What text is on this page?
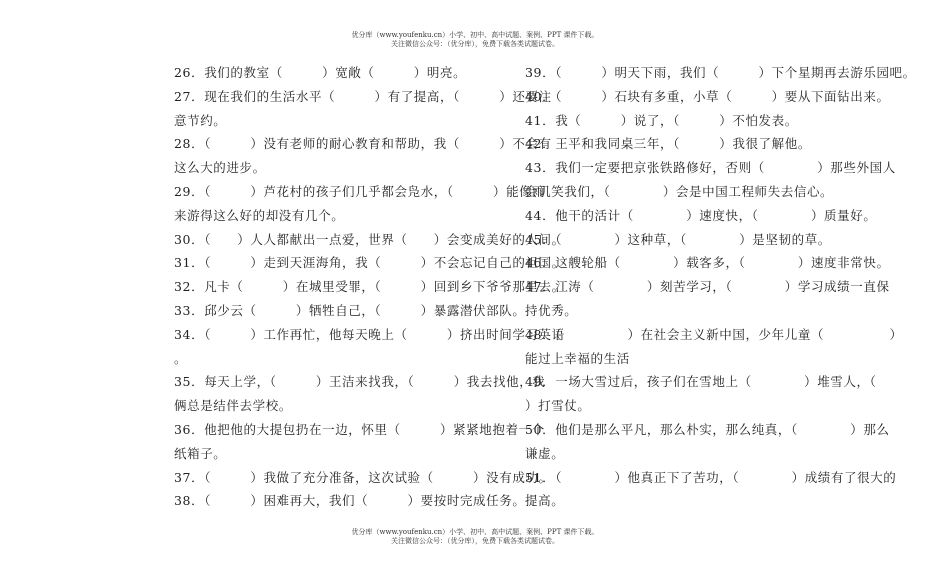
优分库（www.youfenku.cn）小学、初中、高中试题、案例、PPT 课件下载。
关注微信公众号：（优分库），免费下载各类试题试卷。

26．我们的教室（　　　）宽敞（　　　）明亮。

27．现在我们的生活水平（　　　）有了提高，（　　　）还要注

意节约。

28．（　　　）没有老师的耐心教育和帮助，我（　　　）不会有

这么大的进步。

29．（　　　）芦花村的孩子们几乎都会凫水，（　　　）能像雨

来游得这么好的却没有几个。

30．（　　）人人都献出一点爱，世界（　　）会变成美好的人间。

31．（　　　）走到天涯海角，我（　　　）不会忘记自己的祖国。

32．凡卡（　　　）在城里受罪，（　　　）回到乡下爷爷那里去。

33．邱少云（　　　）牺牲自己，（　　　）暴露潜伏部队。

34．（　　　）工作再忙，他每天晚上（　　　）挤出时间学习英语

。

35．每天上学，（　　　）王洁来找我，（　　　）我去找他，我

俩总是结伴去学校。

36．他把他的大提包扔在一边，怀里（　　　）紧紧地抱着一个

纸箱子。

37．（　　　）我做了充分准备，这次试验（　　　）没有成功。

38．（　　　）困难再大，我们（　　　）要按时完成任务。

39．（　　　）明天下雨，我们（　　　）下个星期再去游乐园吧。

40．（　　　）石块有多重，小草（　　　）要从下面钻出来。

41．我（　　　）说了，（　　　）不怕发表。

42．王平和我同桌三年，（　　　）我很了解他。

43．我们一定要把京张铁路修好，否则（　　　　）那些外国人

会讥笑我们，（　　　　）会是中国工程师失去信心。

44．他干的活计（　　　　）速度快，（　　　　）质量好。

45．（　　　　）这种草，（　　　　）是坚韧的草。

46．这艘轮船（　　　　）载客多，（　　　　）速度非常快。

47．江涛（　　　　）刻苦学习，（　　　　）学习成绩一直保

持优秀。

48．（　　　　　）在社会主义新中国，少年儿童（　　　　　）

能过上幸福的生活

49．一场大雪过后，孩子们在雪地上（　　　　）堆雪人，（

）打雪仗。

50．他们是那么平凡，那么朴实，那么纯真，（　　　　）那么

谦虚。

51．（　　　　）他真正下了苦功，（　　　　）成绩有了很大的

提高。

优分库（www.youfenku.cn）小学、初中、高中试题、案例、PPT 课件下载。
关注微信公众号：（优分库），免费下载各类试题试卷。
